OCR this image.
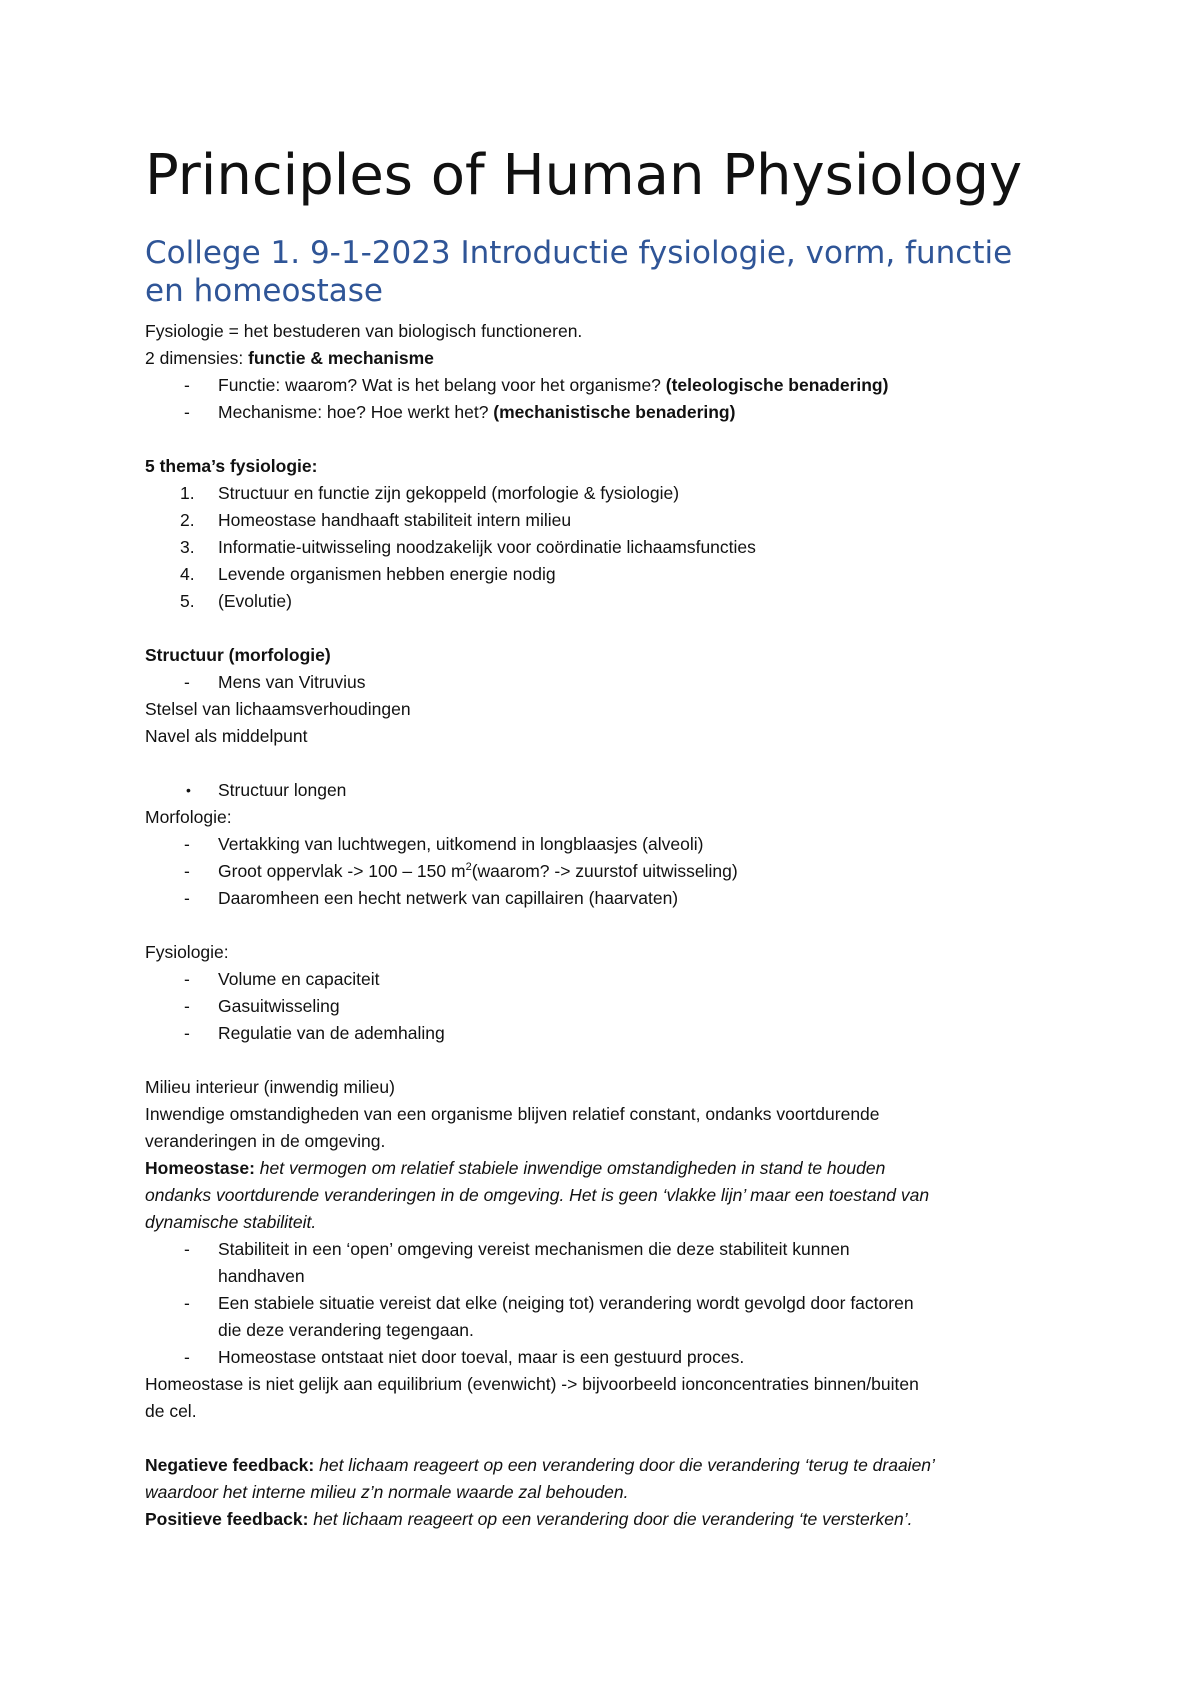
Principles of Human Physiology
College 1. 9-1-2023 Introductie fysiologie, vorm, functie
en homeostase
Fysiologie = het bestuderen van biologisch functioneren.
2 dimensies: functie & mechanisme
- Functie: waarom? Wat is het belang voor het organisme? (teleologische benadering)
- Mechanisme: hoe? Hoe werkt het? (mechanistische benadering)
5 thema’s fysiologie:
1. Structuur en functie zijn gekoppeld (morfologie & fysiologie)
2. Homeostase handhaaft stabiliteit intern milieu
3. Informatie-uitwisseling noodzakelijk voor coördinatie lichaamsfuncties
4. Levende organismen hebben energie nodig
5. (Evolutie)
Structuur (morfologie)
- Mens van Vitruvius
Stelsel van lichaamsverhoudingen
Navel als middelpunt
• Structuur longen
Morfologie:
- Vertakking van luchtwegen, uitkomend in longblaasjes (alveoli)
- Groot oppervlak -> 100 – 150 $m^2(waarom$? -> zuurstof uitwisseling)
- Daaromheen een hecht netwerk van capillairen (haarvaten)
Fysiologie:
- Volume en capaciteit
- Gasuitwisseling
- Regulatie van de ademhaling
Milieu interieur (inwendig milieu)
Inwendige omstandigheden van een organisme blijven relatief constant, ondanks voortdurende
veranderingen in de omgeving.
Homeostase: het vermogen om relatief stabiele inwendige omstandigheden in stand te houden
ondanks voortdurende veranderingen in de omgeving. Het is geen ‘vlakke lijn’ maar een toestand van
dynamische stabiliteit.
- Stabiliteit in een ‘open’ omgeving vereist mechanismen die deze stabiliteit kunnen
handhaven
- Een stabiele situatie vereist dat elke (neiging tot) verandering wordt gevolgd door factoren
die deze verandering tegengaan.
- Homeostase ontstaat niet door toeval, maar is een gestuurd proces.
Homeostase is niet gelijk aan equilibrium (evenwicht) -> bijvoorbeeld ionconcentraties binnen/buiten
de cel.
Negatieve feedback: het lichaam reageert op een verandering door die verandering ‘terug te draaien’
waardoor het interne milieu z’n normale waarde zal behouden.
Positieve feedback: het lichaam reageert op een verandering door die verandering ‘te versterken’.
